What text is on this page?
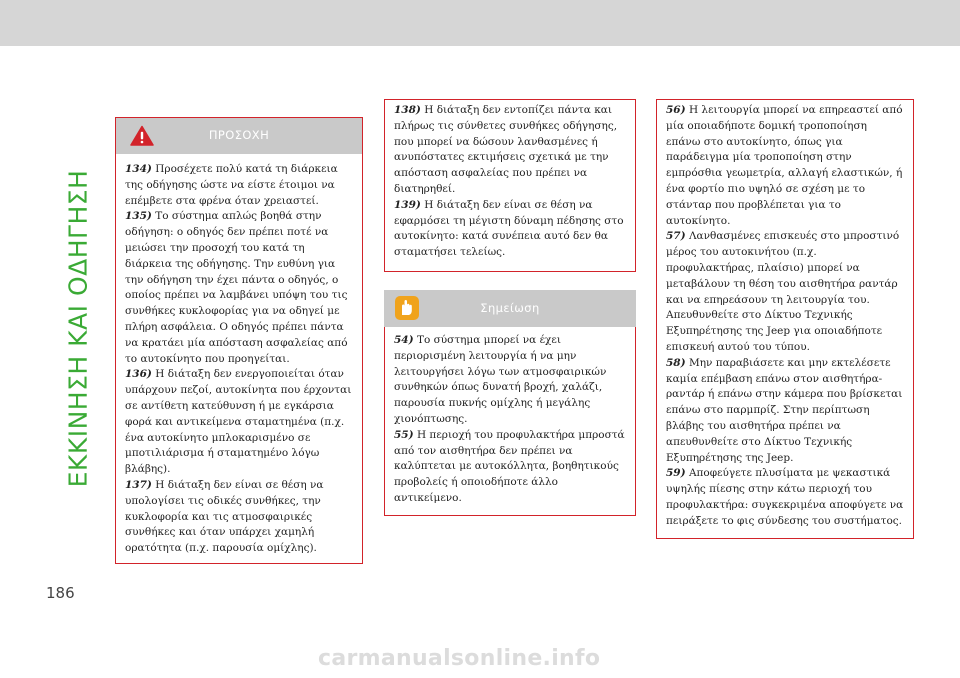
ΕΚΚΙΝΗΣΗ ΚΑΙ ΟΔΗΓΗΣΗ
ΠΡΟΣΟΧΗ

134) Προσέχετε πολύ κατά τη διάρκεια της οδήγησης ώστε να είστε έτοιμοι να επέμβετε στα φρένα όταν χρειαστεί.

135) Το σύστημα απλώς βοηθά στην οδήγηση: ο οδηγός δεν πρέπει ποτέ να μειώσει την προσοχή του κατά τη διάρκεια της οδήγησης. Την ευθύνη για την οδήγηση την έχει πάντα ο οδηγός, ο οποίος πρέπει να λαμβάνει υπόψη του τις συνθήκες κυκλοφορίας για να οδηγεί με πλήρη ασφάλεια. Ο οδηγός πρέπει πάντα να κρατάει μία απόσταση ασφαλείας από το αυτοκίνητο που προηγείται.

136) Η διάταξη δεν ενεργοποιείται όταν υπάρχουν πεζοί, αυτοκίνητα που έρχονται σε αντίθετη κατεύθυνση ή με εγκάρσια φορά και αντικείμενα σταματημένα (π.χ. ένα αυτοκίνητο μπλοκαρισμένο σε μποτιλιάρισμα ή σταματημένο λόγω βλάβης).

137) Η διάταξη δεν είναι σε θέση να υπολογίσει τις οδικές συνθήκες, την κυκλοφορία και τις ατμοσφαιρικές συνθήκες και όταν υπάρχει χαμηλή ορατότητα (π.χ. παρουσία ομίχλης).

138) Η διάταξη δεν εντοπίζει πάντα και πλήρως τις σύνθετες συνθήκες οδήγησης, που μπορεί να δώσουν λανθασμένες ή ανυπόστατες εκτιμήσεις σχετικά με την απόσταση ασφαλείας που πρέπει να διατηρηθεί.

139) Η διάταξη δεν είναι σε θέση να εφαρμόσει τη μέγιστη δύναμη πέδησης στο αυτοκίνητο: κατά συνέπεια αυτό δεν θα σταματήσει τελείως.

Σημείωση

54) Το σύστημα μπορεί να έχει περιορισμένη λειτουργία ή να μην λειτουργήσει λόγω των ατμοσφαιρικών συνθηκών όπως δυνατή βροχή, χαλάζι, παρουσία πυκνής ομίχλης ή μεγάλης χιονόπτωσης.

55) Η περιοχή του προφυλακτήρα μπροστά από τον αισθητήρα δεν πρέπει να καλύπτεται με αυτοκόλλητα, βοηθητικούς προβολείς ή οποιοδήποτε άλλο αντικείμενο.

56) Η λειτουργία μπορεί να επηρεαστεί από μία οποιαδήποτε δομική τροποποίηση επάνω στο αυτοκίνητο, όπως για παράδειγμα μία τροποποίηση στην εμπρόσθια γεωμετρία, αλλαγή ελαστικών, ή ένα φορτίο πιο υψηλό σε σχέση με το στάνταρ που προβλέπεται για το αυτοκίνητο.

57) Λανθασμένες επισκευές στο μπροστινό μέρος του αυτοκινήτου (π.χ. προφυλακτήρας, πλαίσιο) μπορεί να μεταβάλουν τη θέση του αισθητήρα ραντάρ και να επηρεάσουν τη λειτουργία του. Απευθυνθείτε στο Δίκτυο Τεχνικής Εξυπηρέτησης της Jeep για οποιαδήποτε επισκευή αυτού του τύπου.

58) Μην παραβιάσετε και μην εκτελέσετε καμία επέμβαση επάνω στον αισθητήρα-ραντάρ ή επάνω στην κάμερα που βρίσκεται επάνω στο παρμπρίζ. Στην περίπτωση βλάβης του αισθητήρα πρέπει να απευθυνθείτε στο Δίκτυο Τεχνικής Εξυπηρέτησης της Jeep.

59) Αποφεύγετε πλυσίματα με ψεκαστικά υψηλής πίεσης στην κάτω περιοχή του προφυλακτήρα: συγκεκριμένα αποφύγετε να πειράξετε το φις σύνδεσης του συστήματος.

186
carmanualsonline.info
